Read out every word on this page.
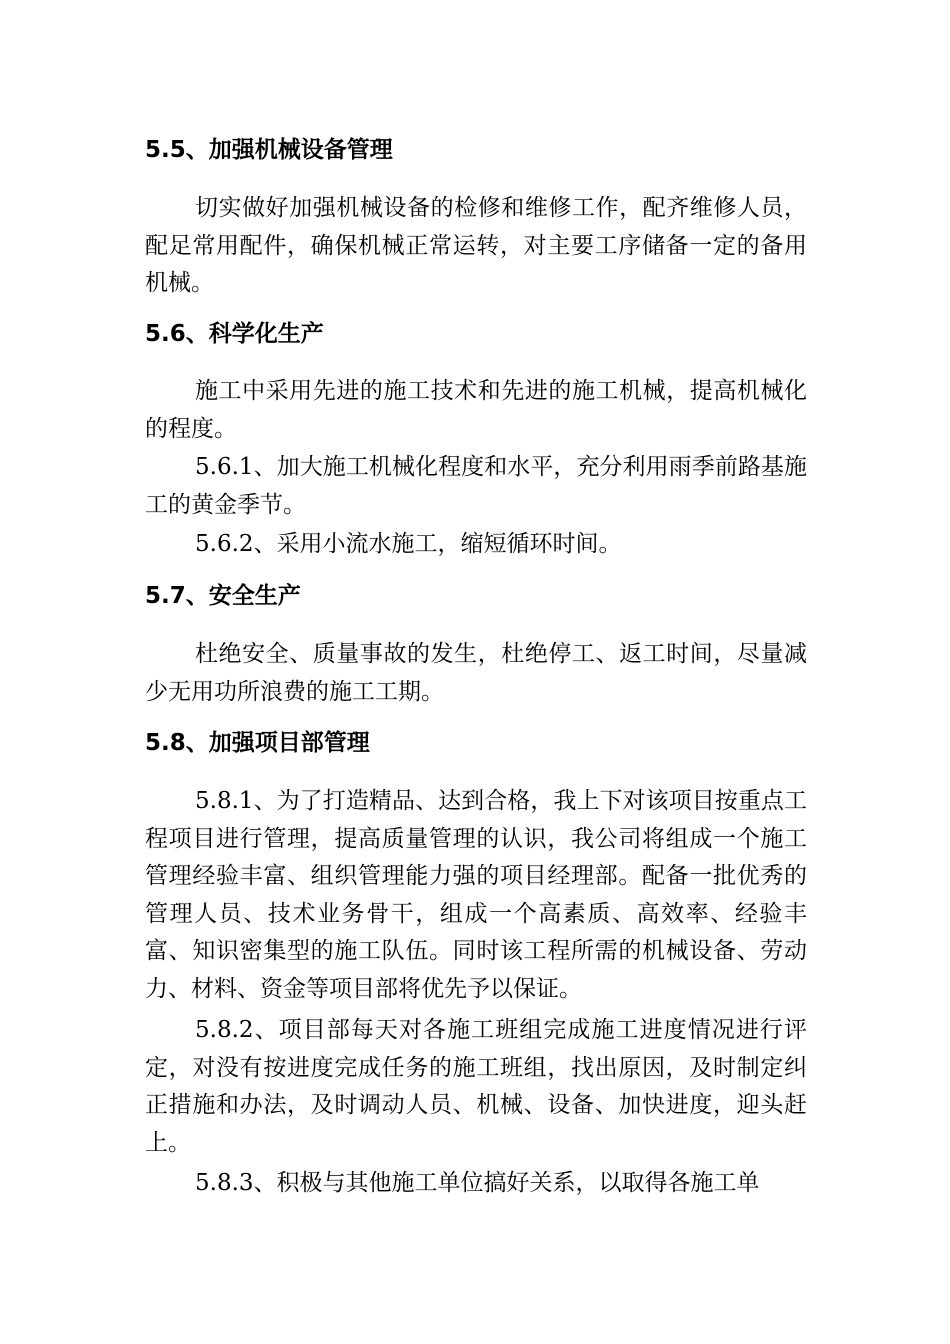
5.5、加强机械设备管理
切实做好加强机械设备的检修和维修工作，配齐维修人员，配足常用配件，确保机械正常运转，对主要工序储备一定的备用机械。
5.6、科学化生产
施工中采用先进的施工技术和先进的施工机械，提高机械化的程度。
5.6.1、加大施工机械化程度和水平，充分利用雨季前路基施工的黄金季节。
5.6.2、采用小流水施工，缩短循环时间。
5.7、安全生产
杜绝安全、质量事故的发生，杜绝停工、返工时间，尽量减少无用功所浪费的施工工期。
5.8、加强项目部管理
5.8.1、为了打造精品、达到合格，我上下对该项目按重点工程项目进行管理，提高质量管理的认识，我公司将组成一个施工管理经验丰富、组织管理能力强的项目经理部。配备一批优秀的管理人员、技术业务骨干，组成一个高素质、高效率、经验丰富、知识密集型的施工队伍。同时该工程所需的机械设备、劳动力、材料、资金等项目部将优先予以保证。
5.8.2、项目部每天对各施工班组完成施工进度情况进行评定，对没有按进度完成任务的施工班组，找出原因，及时制定纠正措施和办法，及时调动人员、机械、设备、加快进度，迎头赶上。
5.8.3、积极与其他施工单位搞好关系，以取得各施工单
